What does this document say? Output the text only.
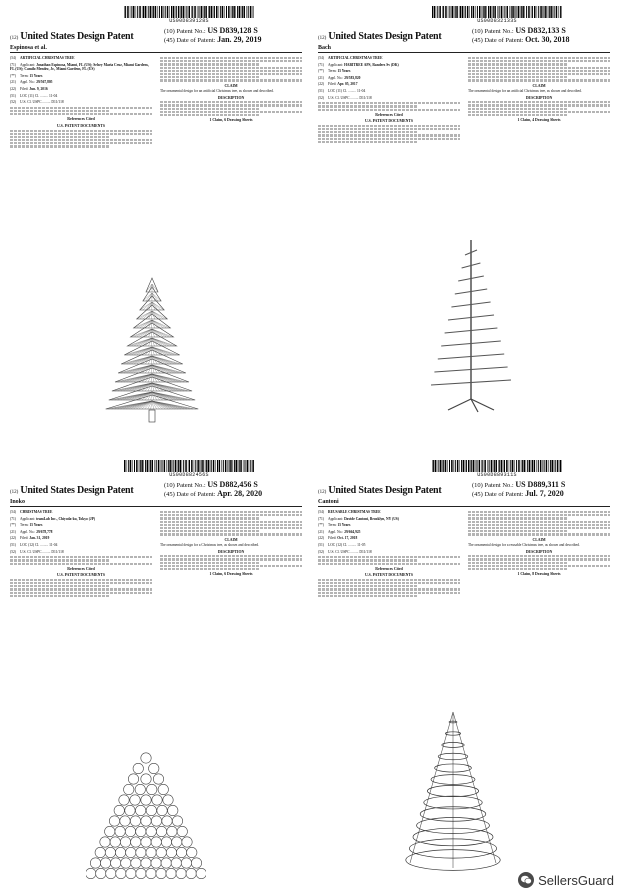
US00D839128S
(12) United States Design Patent
Espinosa et al.
(10) Patent No.: US D839,128 S
(45) Date of Patent: Jan. 29, 2019
(54) ARTIFICIAL CHRISTMAS TREE
(71) Applicant: Jonathan Espinosa, Miami, FL (US); Selsey Maria Cruz, Miami Gardens, FL (US); Camilo Mendez, Jr., Miami Gardens, FL (US)
(**) Term: 15 Years
(21) Appl. No.: 29/567,805
(22) Filed: Jun. 9, 2016
(51) LOC (11) Cl. ......... 11-04
(52) U.S. Cl. USPC ......... D11/118
References Cited
U.S. PATENT DOCUMENTS
CLAIM
The ornamental design for an artificial Christmas tree, as shown and described.
DESCRIPTION
1 Claim, 6 Drawing Sheets
US00D832133S
(12) United States Design Patent
Bach
(10) Patent No.: US D832,133 S
(45) Date of Patent: Oct. 30, 2018
(54) ARTIFICIAL CHRISTMAS TREE
(71) Applicant: HABITREE APS, Randers Sv (DK)
(**) Term: 15 Years
(21) Appl. No.: 29/583,820
(22) Filed: Apr. 05, 2017
(51) LOC (11) Cl. ......... 11-04
(52) U.S. Cl. USPC ......... D11/118
References Cited
U.S. PATENT DOCUMENTS
CLAIM
The ornamental design for an artificial Christmas tree, as shown and described.
DESCRIPTION
1 Claim, 4 Drawing Sheets
US00D882456S
(12) United States Design Patent
Inoko
(10) Patent No.: US D882,456 S
(45) Date of Patent: Apr. 28, 2020
(54) CHRISTMAS TREE
(71) Applicant: teamLab Inc., Chiyoda-ku, Tokyo (JP)
(**) Term: 15 Years
(21) Appl. No.: 29/678,778
(22) Filed: Jan. 31, 2019
(51) LOC (12) Cl. ......... 11-04
(52) U.S. Cl. USPC ......... D11/118
References Cited
U.S. PATENT DOCUMENTS
CLAIM
The ornamental design for a Christmas tree, as shown and described.
DESCRIPTION
1 Claim, 6 Drawing Sheets
US00D889311S
(12) United States Design Patent
Cantoni
(10) Patent No.: US D889,311 S
(45) Date of Patent: Jul. 7, 2020
(54) REUSABLE CHRISTMAS TREE
(71) Applicant: Davide Cantoni, Brooklyn, NY (US)
(**) Term: 15 Years
(21) Appl. No.: 29/664,925
(22) Filed: Oct. 17, 2018
(51) LOC (12) Cl. ......... 11-05
(52) U.S. Cl. USPC ......... D11/118
References Cited
U.S. PATENT DOCUMENTS
CLAIM
The ornamental design for a reusable Christmas tree, as shown and described.
DESCRIPTION
1 Claim, 8 Drawing Sheets
SellersGuard
